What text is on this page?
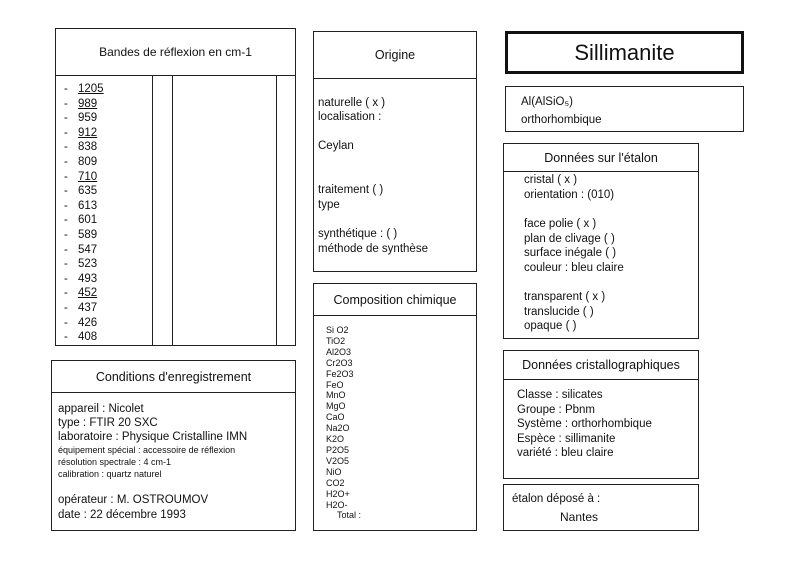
Bandes de réflexion en cm-1
- 1205
- 989
- 959
- 912
- 838
- 809
- 710
- 635
- 613
- 601
- 589
- 547
- 523
- 493
- 452
- 437
- 426
- 408
Origine
naturelle ( x )
localisation :
Ceylan
traitement ( )
type
synthétique : ( )
méthode de synthèse
Sillimanite
Al(AlSiO₅)
orthorhombique
Données sur l'étalon
cristal ( x )
orientation : (010)
face polie ( x )
plan de clivage ( )
surface inégale ( )
couleur : bleu claire
transparent ( x )
translucide ( )
opaque ( )
Composition chimique
Si O2
TiO2
Al2O3
Cr2O3
Fe2O3
FeO
MnO
MgO
CaO
Na2O
K2O
P2O5
V2O5
NiO
CO2
H2O+
H2O-
Total :
Conditions d'enregistrement
appareil : Nicolet
type : FTIR 20 SXC
laboratoire : Physique Cristalline IMN
équipement spécial : accessoire de réflexion
résolution spectrale : 4 cm-1
calibration : quartz naturel
opérateur : M. OSTROUMOV
date : 22 décembre 1993
Données cristallographiques
Classe : silicates
Groupe : Pbnm
Système : orthorhombique
Espèce : sillimanite
variété : bleu claire
étalon déposé à :
Nantes
